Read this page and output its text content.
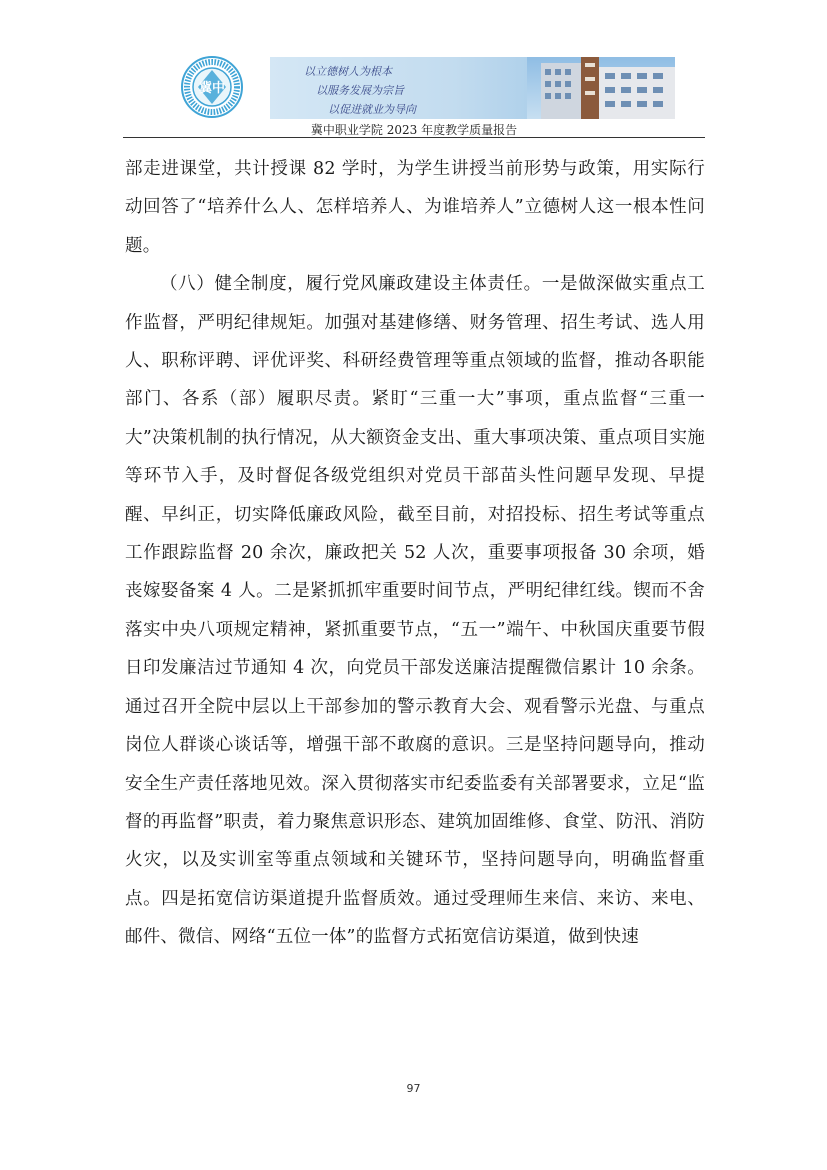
冀中
以立德树人为根本
以服务发展为宗旨
以促进就业为导向
冀中职业学院 2023 年度教学质量报告

部走进课堂，共计授课 82 学时，为学生讲授当前形势与政策，用实际行动回答了“培养什么人、怎样培养人、为谁培养人”立德树人这一根本性问题。

（八）健全制度，履行党风廉政建设主体责任。一是做深做实重点工作监督，严明纪律规矩。加强对基建修缮、财务管理、招生考试、选人用人、职称评聘、评优评奖、科研经费管理等重点领域的监督，推动各职能部门、各系（部）履职尽责。紧盯“三重一大”事项，重点监督“三重一大”决策机制的执行情况，从大额资金支出、重大事项决策、重点项目实施等环节入手，及时督促各级党组织对党员干部苗头性问题早发现、早提醒、早纠正，切实降低廉政风险，截至目前，对招投标、招生考试等重点工作跟踪监督 20 余次，廉政把关 52 人次，重要事项报备 30 余项，婚丧嫁娶备案 4 人。二是紧抓抓牢重要时间节点，严明纪律红线。锲而不舍落实中央八项规定精神，紧抓重要节点，“五一”端午、中秋国庆重要节假日印发廉洁过节通知 4 次，向党员干部发送廉洁提醒微信累计 10 余条。通过召开全院中层以上干部参加的警示教育大会、观看警示光盘、与重点岗位人群谈心谈话等，增强干部不敢腐的意识。三是坚持问题导向，推动安全生产责任落地见效。深入贯彻落实市纪委监委有关部署要求，立足“监督的再监督”职责，着力聚焦意识形态、建筑加固维修、食堂、防汛、消防火灾，以及实训室等重点领域和关键环节，坚持问题导向，明确监督重点。四是拓宽信访渠道提升监督质效。通过受理师生来信、来访、来电、邮件、微信、网络“五位一体”的监督方式拓宽信访渠道，做到快速

97
